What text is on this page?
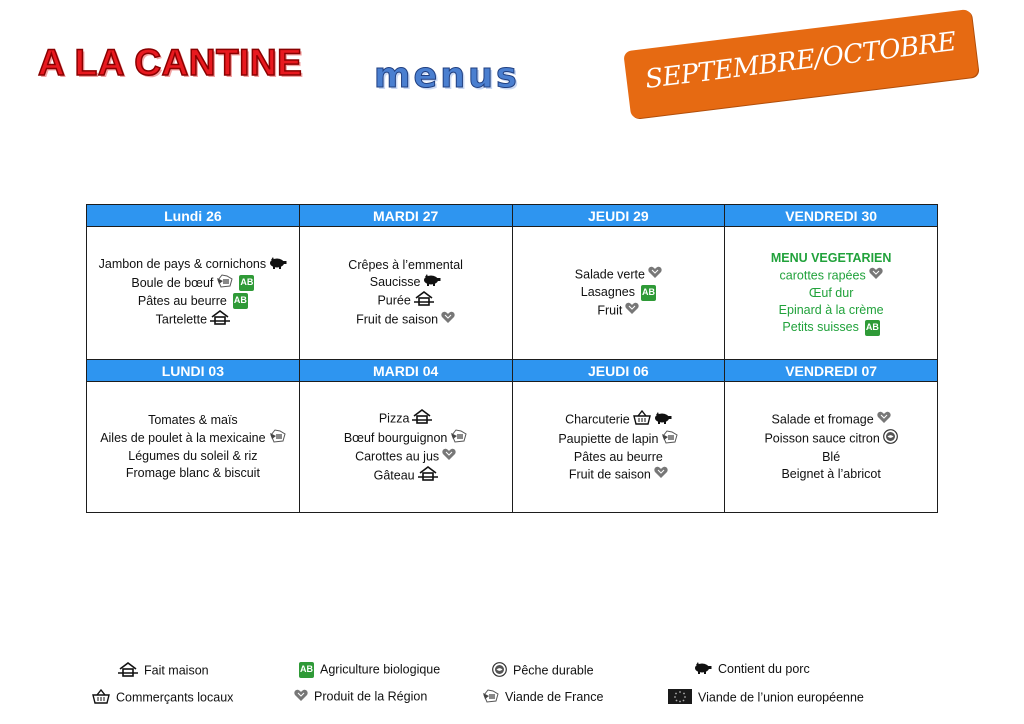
A LA CANTINE menus	SEPTEMBRE/OCTOBRE
Lundi 26	MARDI 27	JEUDI 29	VENDREDI 30

Jambon de pays & cornichons
Boule de bœuf AB
Pâtes au beurre AB
Tartelette	Crêpes à l’emmental
Saucisse
Purée
Fruit de saison	Salade verte
Lasagnes AB
Fruit	MENU VEGETARIEN
carottes rapées
Œuf dur
Epinard à la crème
Petits suisses AB

LUNDI 03	MARDI 04	JEUDI 06	VENDREDI 07

Tomates & maïs
Ailes de poulet à la mexicaine
Légumes du soleil & riz
Fromage blanc & biscuit	Pizza
Bœuf bourguignon
Carottes au jus
Gâteau	Charcuterie
Paupiette de lapin
Pâtes au beurre
Fruit de saison	Salade et fromage
Poisson sauce citron
Blé
Beignet à l’abricot
Fait maison	AB Agriculture biologique	Pêche durable	Contient du porc
Commerçants locaux	Produit de la Région	Viande de France	Viande de l’union européenne
